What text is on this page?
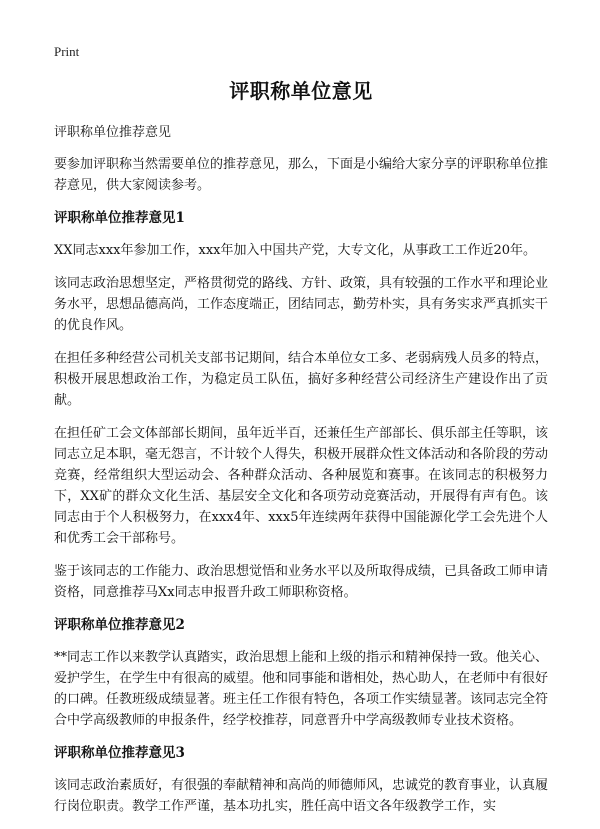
Print
评职称单位意见
评职称单位推荐意见

要参加评职称当然需要单位的推荐意见，那么，下面是小编给大家分享的评职称单位推荐意见，供大家阅读参考。

评职称单位推荐意见1

XX同志xxx年参加工作，xxx年加入中国共产党，大专文化，从事政工工作近20年。

该同志政治思想坚定，严格贯彻党的路线、方针、政策，具有较强的工作水平和理论业务水平，思想品德高尚，工作态度端正，团结同志，勤劳朴实，具有务实求严真抓实干的优良作风。

在担任多种经营公司机关支部书记期间，结合本单位女工多、老弱病残人员多的特点，积极开展思想政治工作，为稳定员工队伍，搞好多种经营公司经济生产建设作出了贡献。

在担任矿工会文体部部长期间，虽年近半百，还兼任生产部部长、俱乐部主任等职，该同志立足本职，毫无怨言，不计较个人得失，积极开展群众性文体活动和各阶段的劳动竞赛，经常组织大型运动会、各种群众活动、各种展览和赛事。在该同志的积极努力下，XX矿的群众文化生活、基层安全文化和各项劳动竞赛活动，开展得有声有色。该同志由于个人积极努力，在xxx4年、xxx5年连续两年获得中国能源化学工会先进个人和优秀工会干部称号。

鉴于该同志的工作能力、政治思想觉悟和业务水平以及所取得成绩，已具备政工师申请资格，同意推荐马Xx同志申报晋升政工师职称资格。

评职称单位推荐意见2

**同志工作以来教学认真踏实，政治思想上能和上级的指示和精神保持一致。他关心、爱护学生，在学生中有很高的威望。他和同事能和谐相处，热心助人，在老师中有很好的口碑。任教班级成绩显著。班主任工作很有特色，各项工作实绩显著。该同志完全符合中学高级教师的申报条件，经学校推荐，同意晋升中学高级教师专业技术资格。

评职称单位推荐意见3

该同志政治素质好，有很强的奉献精神和高尚的师德师风，忠诚党的教育事业，认真履行岗位职责。教学工作严谨，基本功扎实，胜任高中语文各年级教学工作，实
